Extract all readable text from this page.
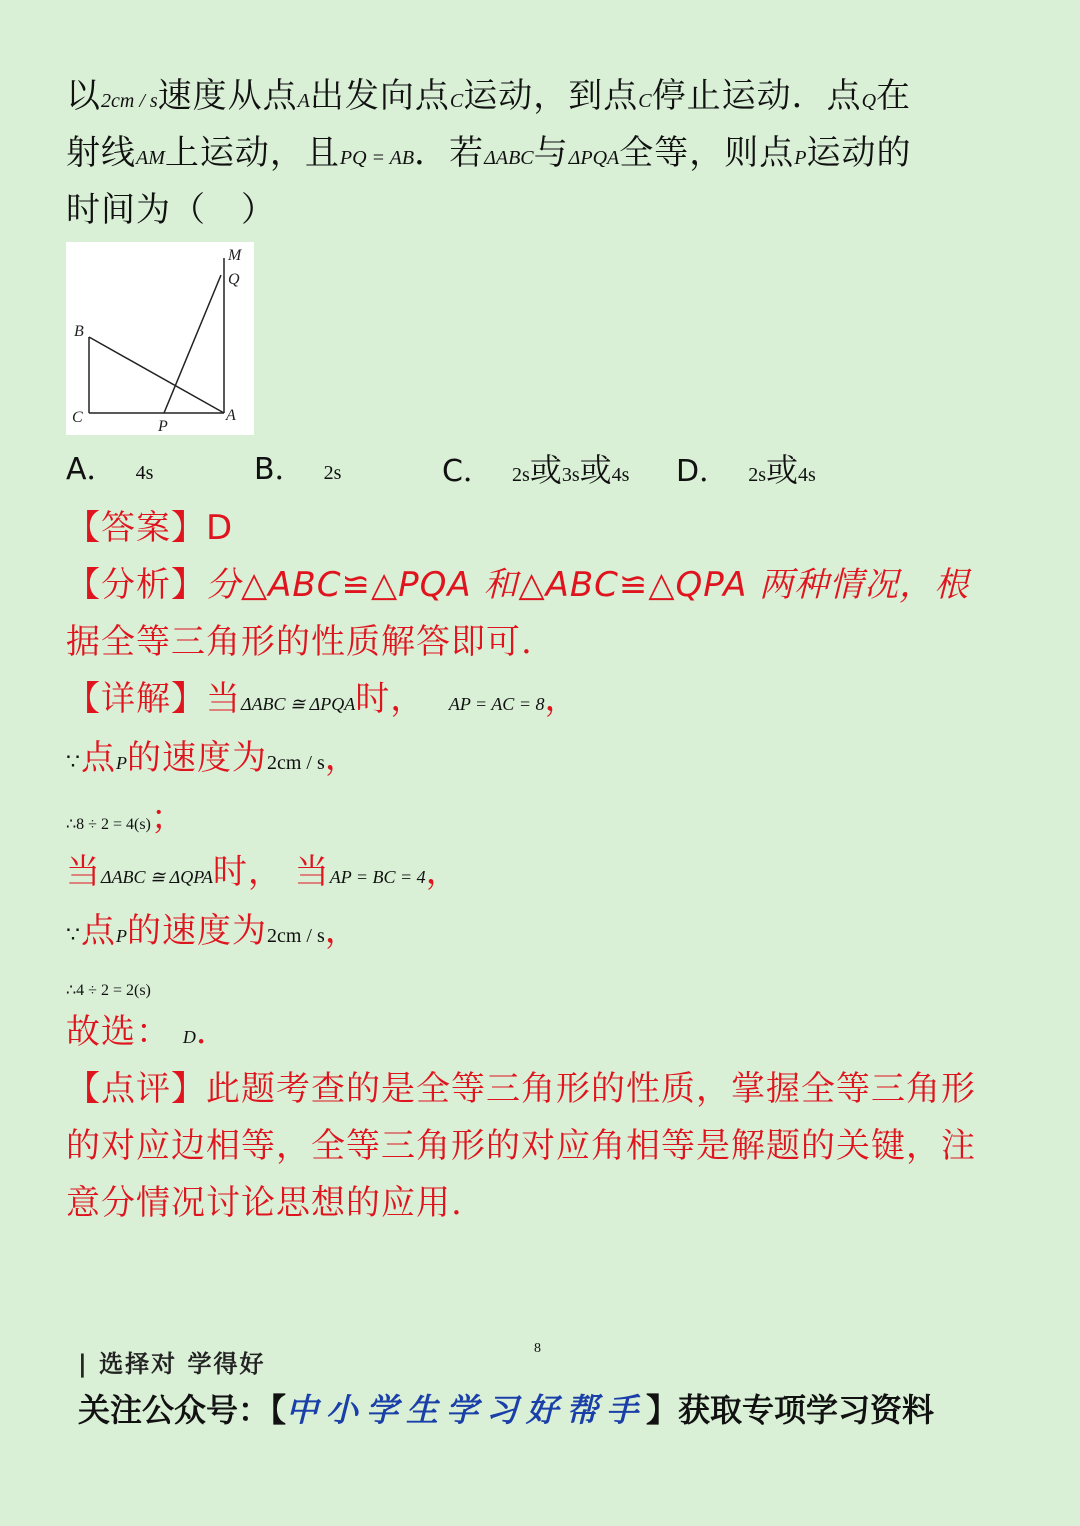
以2cm / s速度从点A出发向点C运动，到点C停止运动．点Q在
射线AM上运动，且PQ = AB．若ΔABC与ΔPQA全等，则点P运动的
时间为（　）
M
Q
B
C
P
A
A． 4s	B． 2s	C． 2s或3s或4s D． 2s或4s
【答案】D
【分析】分△ABC≌△PQA 和△ABC≌△QPA 两种情况，根
据全等三角形的性质解答即可.
【详解】当ΔABC ≅ ΔPQA时， AP = AC = 8，
∵点P的速度为2cm / s，
∴8 ÷ 2 = 4(s)；
当ΔABC ≅ ΔQPA时， 当AP = BC = 4，
∵点P的速度为2cm / s，
∴4 ÷ 2 = 2(s)
故选： D．
【点评】此题考查的是全等三角形的性质，掌握全等三角形
的对应边相等，全等三角形的对应角相等是解题的关键，注
意分情况讨论思想的应用.
| 选择对 学得好
8
关注公众号：【中小学生学习好帮手】获取专项学习资料
